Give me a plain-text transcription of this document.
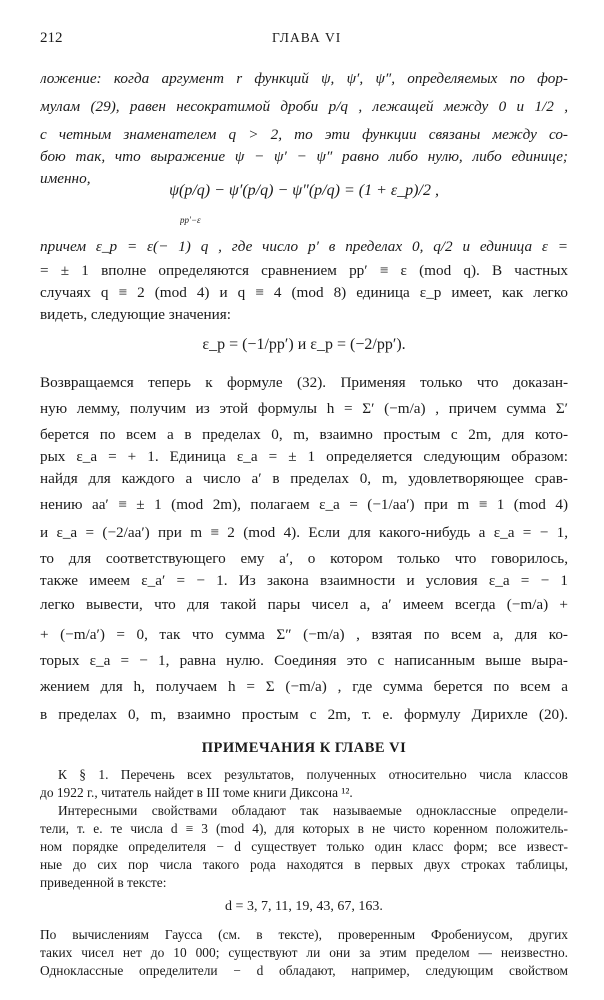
212	ГЛАВА VI
ложение: когда аргумент r функций ψ, ψ′, ψ″, определяемых по фор-
мулам (29), равен несократимой дроби p/q , лежащей между 0 и 1/2 ,
с четным знаменателем q > 2, то эти функции связаны между со-
бою так, что выражение ψ − ψ′ − ψ″ равно либо нулю, либо единице;
именно,
ψ(p/q) − ψ′(p/q) − ψ″(p/q) = (1 + ε_p)/2 ,
pp′−ε
причем ε_p = ε(− 1) q , где число p′ в пределах 0, q/2 и единица ε =
= ± 1 вполне определяются сравнением pp′ ≡ ε (mod q). В частных
случаях q ≡ 2 (mod 4) и q ≡ 4 (mod 8) единица ε_p имеет, как легко
видеть, следующие значения:
ε_p = (−1/pp′) и ε_p = (−2/pp′).
Возвращаемся теперь к формуле (32). Применяя только что доказан-
ную лемму, получим из этой формулы h = Σ′ (−m/a) , причем сумма Σ′
берется по всем a в пределах 0, m, взаимно простым с 2m, для кото-
рых ε_a = + 1. Единица ε_a = ± 1 определяется следующим образом:
найдя для каждого a число a′ в пределах 0, m, удовлетворяющее срав-
нению aa′ ≡ ± 1 (mod 2m), полагаем ε_a = (−1/aa′) при m ≡ 1 (mod 4)
и ε_a = (−2/aa′) при m ≡ 2 (mod 4). Если для какого-нибудь a ε_a = − 1,
то для соответствующего ему a′, о котором только что говорилось,
также имеем ε_a′ = − 1. Из закона взаимности и условия ε_a = − 1
легко вывести, что для такой пары чисел a, a′ имеем всегда (−m/a) +
+ (−m/a′) = 0, так что сумма Σ″ (−m/a) , взятая по всем a, для ко-
торых ε_a = − 1, равна нулю. Соединяя это с написанным выше выра-
жением для h, получаем h = Σ (−m/a) , где сумма берется по всем a
в пределах 0, m, взаимно простым с 2m, т. е. формулу Дирихле (20).
ПРИМЕЧАНИЯ К ГЛАВЕ VI
К § 1. Перечень всех результатов, полученных относительно числа классов
до 1922 г., читатель найдет в III томе книги Диксона ¹².
Интересными свойствами обладают так называемые одноклассные определи-
тели, т. е. те числа d ≡ 3 (mod 4), для которых в не чисто коренном положитель-
ном порядке определителя − d существует только один класс форм; все извест-
ные до сих пор числа такого рода находятся в первых двух строках таблицы,
приведенной в тексте:
d = 3, 7, 11, 19, 43, 67, 163.
По вычислениям Гаусса (см. в тексте), проверенным Фробениусом, других
таких чисел нет до 10 000; существуют ли они за этим пределом — неизвестно.
Одноклассные определители − d обладают, например, следующим свойством
